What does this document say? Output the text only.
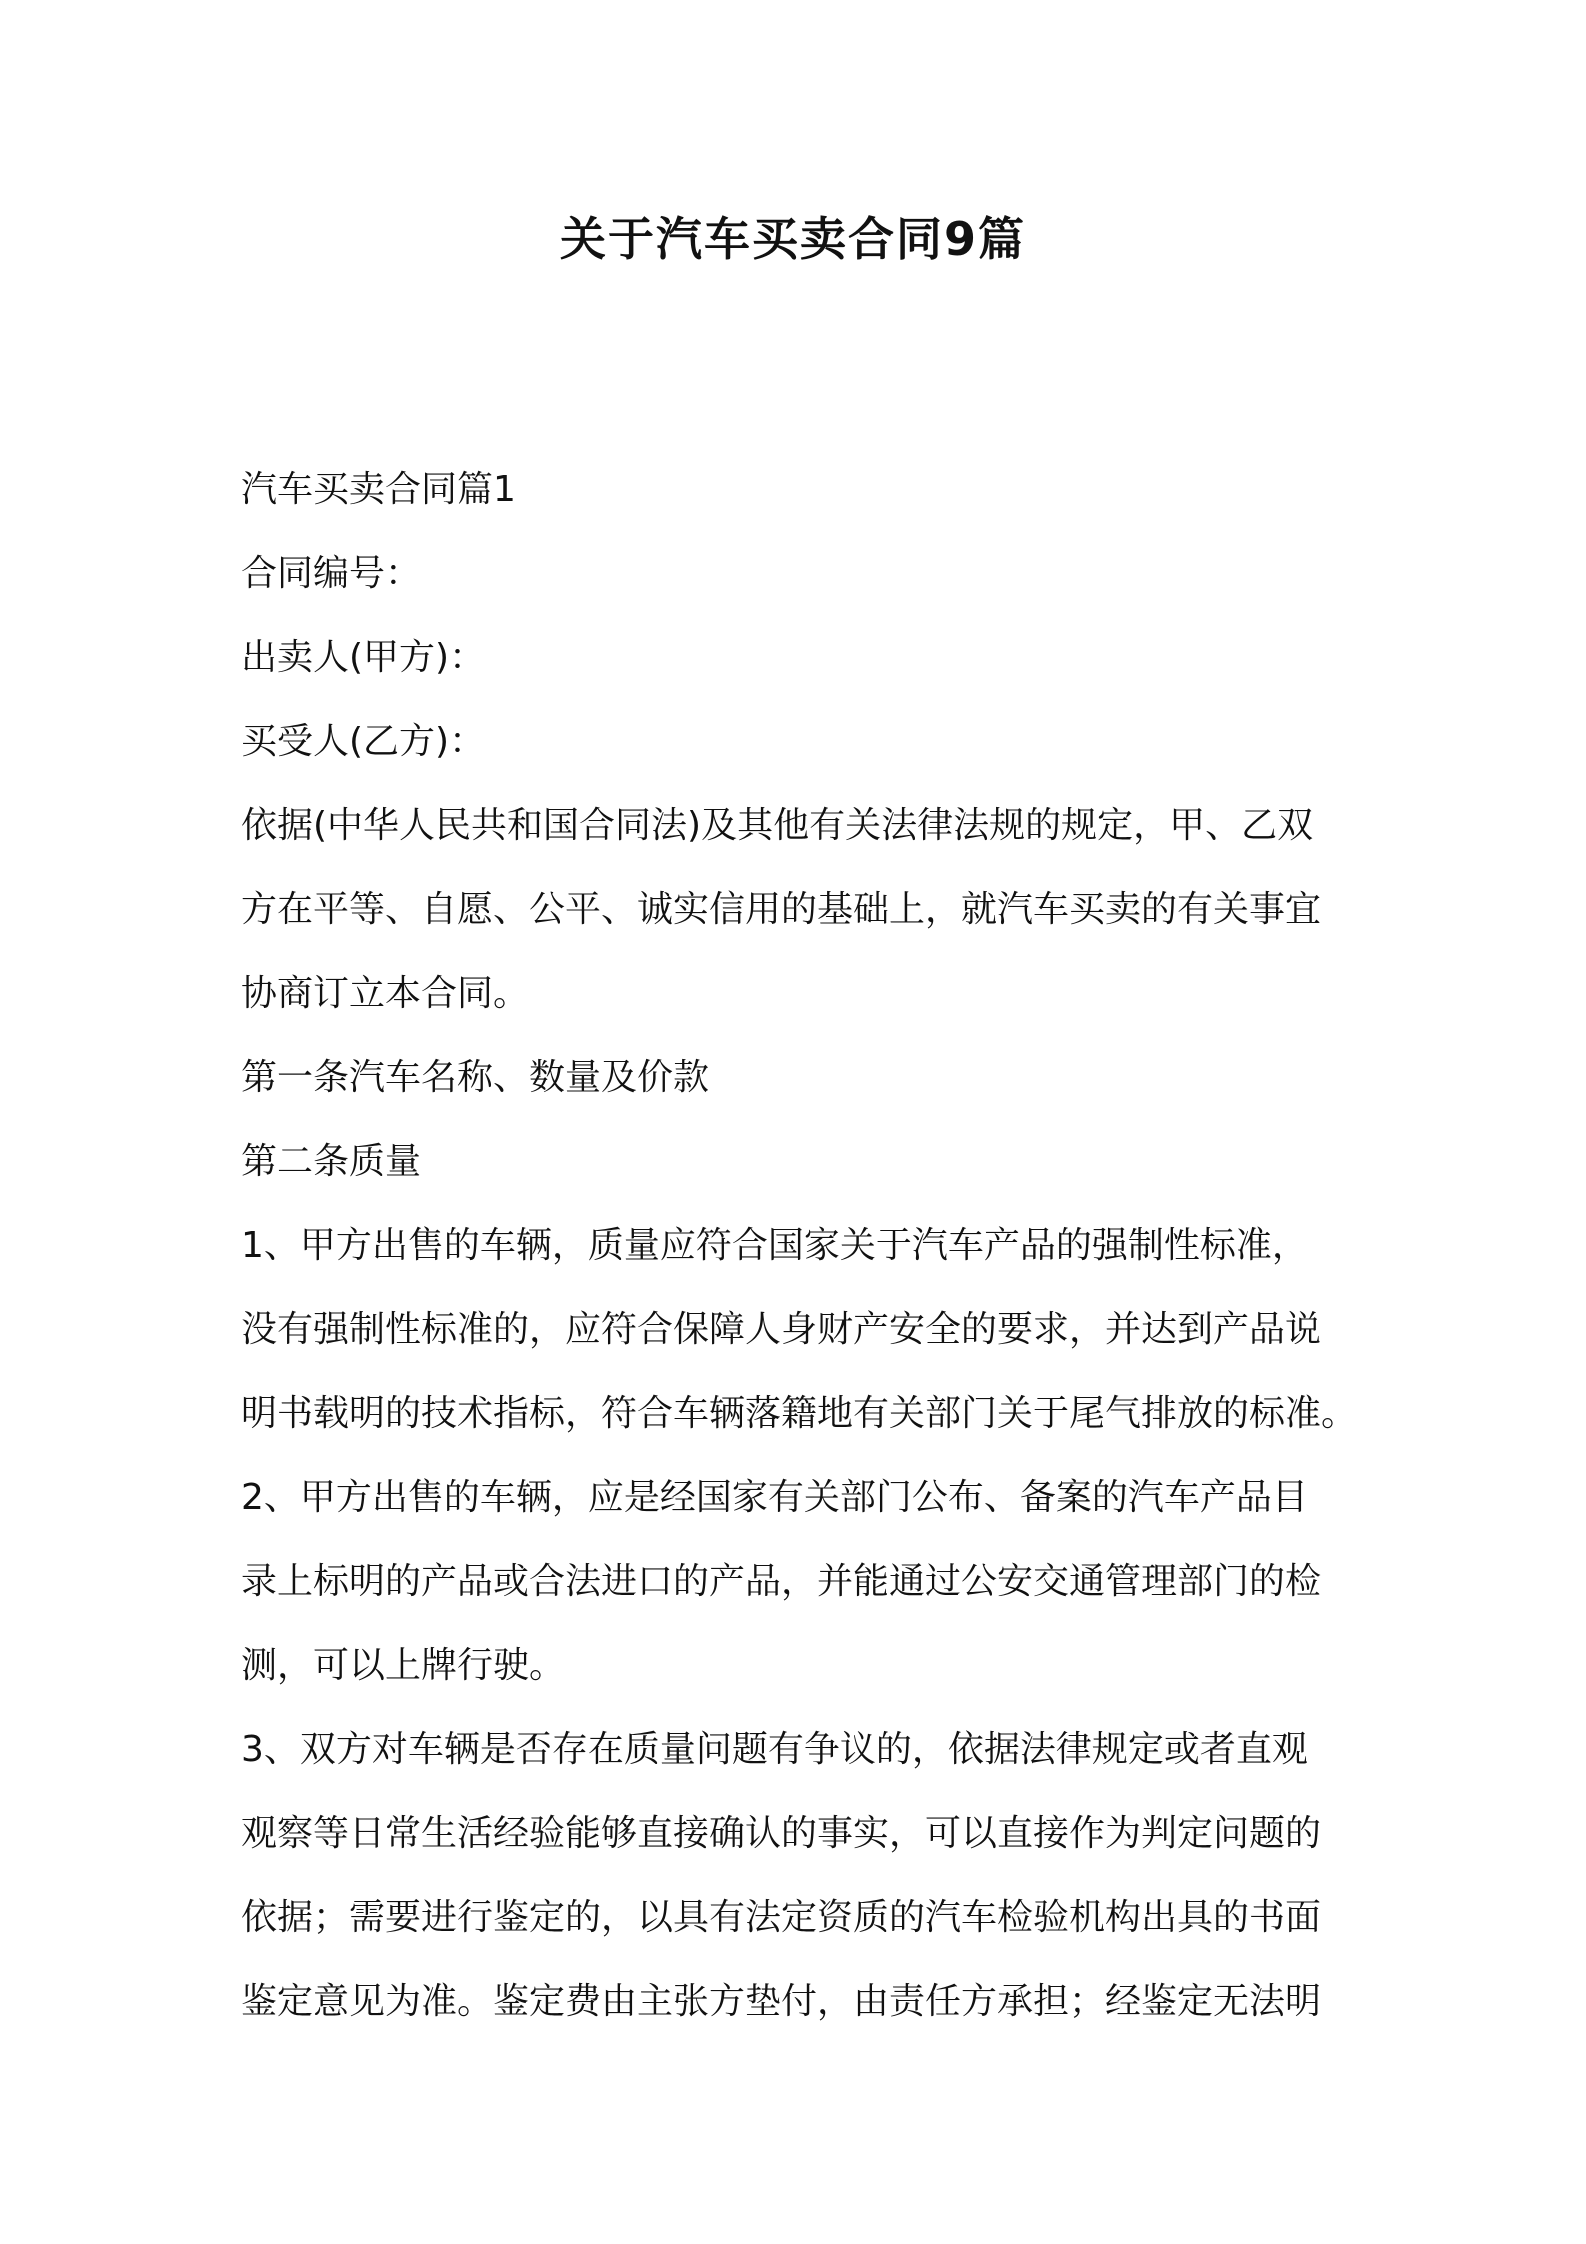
关于汽车买卖合同9篇
汽车买卖合同篇1
合同编号：
出卖人(甲方)：
买受人(乙方)：
依据(中华人民共和国合同法)及其他有关法律法规的规定，甲、乙双
方在平等、自愿、公平、诚实信用的基础上，就汽车买卖的有关事宜
协商订立本合同。
第一条汽车名称、数量及价款
第二条质量
1、甲方出售的车辆，质量应符合国家关于汽车产品的强制性标准，
没有强制性标准的，应符合保障人身财产安全的要求，并达到产品说
明书载明的技术指标，符合车辆落籍地有关部门关于尾气排放的标准。
2、甲方出售的车辆，应是经国家有关部门公布、备案的汽车产品目
录上标明的产品或合法进口的产品，并能通过公安交通管理部门的检
测，可以上牌行驶。
3、双方对车辆是否存在质量问题有争议的，依据法律规定或者直观
观察等日常生活经验能够直接确认的事实，可以直接作为判定问题的
依据；需要进行鉴定的，以具有法定资质的汽车检验机构出具的书面
鉴定意见为准。鉴定费由主张方垫付，由责任方承担；经鉴定无法明
